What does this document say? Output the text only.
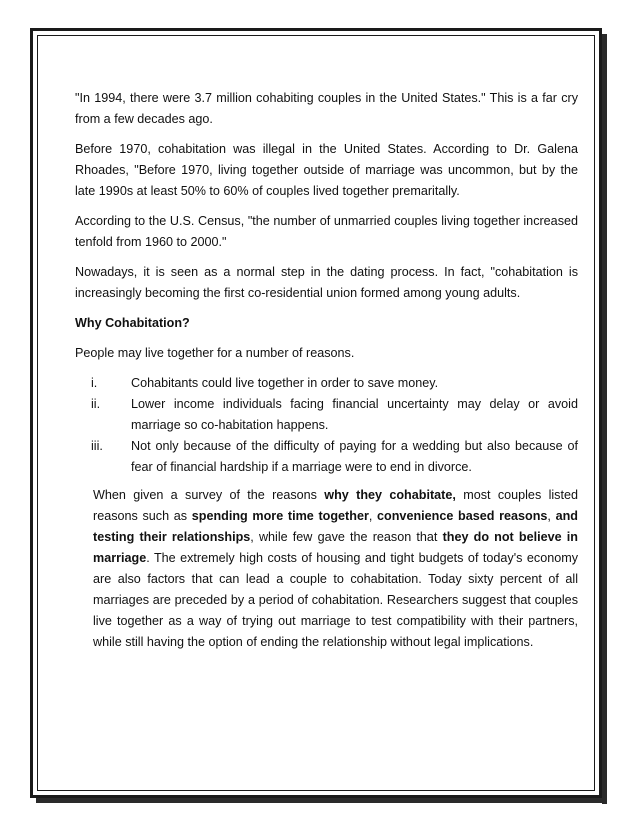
"In 1994, there were 3.7 million cohabiting couples in the United States." This is a far cry from a few decades ago.

Before 1970, cohabitation was illegal in the United States. According to Dr. Galena Rhoades, "Before 1970, living together outside of marriage was uncommon, but by the late 1990s at least 50% to 60% of couples lived together premaritally.

According to the U.S. Census, "the number of unmarried couples living together increased tenfold from 1960 to 2000."

Nowadays, it is seen as a normal step in the dating process. In fact, "cohabitation is increasingly becoming the first co-residential union formed among young adults.

Why Cohabitation?

People may live together for a number of reasons.

i.	Cohabitants could live together in order to save money.
ii.	Lower income individuals facing financial uncertainty may delay or avoid marriage so co-habitation happens.
iii.	Not only because of the difficulty of paying for a wedding but also because of fear of financial hardship if a marriage were to end in divorce.

When given a survey of the reasons why they cohabitate, most couples listed reasons such as spending more time together, convenience based reasons, and testing their relationships, while few gave the reason that they do not believe in marriage. The extremely high costs of housing and tight budgets of today's economy are also factors that can lead a couple to cohabitation. Today sixty percent of all marriages are preceded by a period of cohabitation. Researchers suggest that couples live together as a way of trying out marriage to test compatibility with their partners, while still having the option of ending the relationship without legal implications.
